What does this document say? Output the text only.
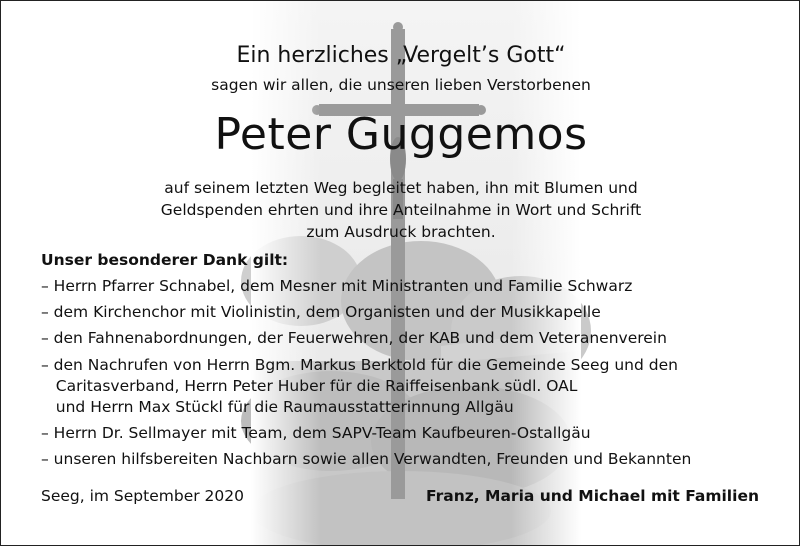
Ein herzliches „Vergelt’s Gott“
sagen wir allen, die unseren lieben Verstorbenen
Peter Guggemos
auf seinem letzten Weg begleitet haben, ihn mit Blumen und
Geldspenden ehrten und ihre Anteilnahme in Wort und Schrift
zum Ausdruck brachten.
Unser besonderer Dank gilt:
– Herrn Pfarrer Schnabel, dem Mesner mit Ministranten und Familie Schwarz
– dem Kirchenchor mit Violinistin, dem Organisten und der Musikkapelle
– den Fahnenabordnungen, der Feuerwehren, der KAB und dem Veteranenverein
– den Nachrufen von Herrn Bgm. Markus Berktold für die Gemeinde Seeg und den
Caritasverband, Herrn Peter Huber für die Raiffeisenbank südl. OAL
und Herrn Max Stückl für die Raumausstatterinnung Allgäu
– Herrn Dr. Sellmayer mit Team, dem SAPV-Team Kaufbeuren-Ostallgäu
– unseren hilfsbereiten Nachbarn sowie allen Verwandten, Freunden und Bekannten
Seeg, im September 2020	Franz, Maria und Michael mit Familien
